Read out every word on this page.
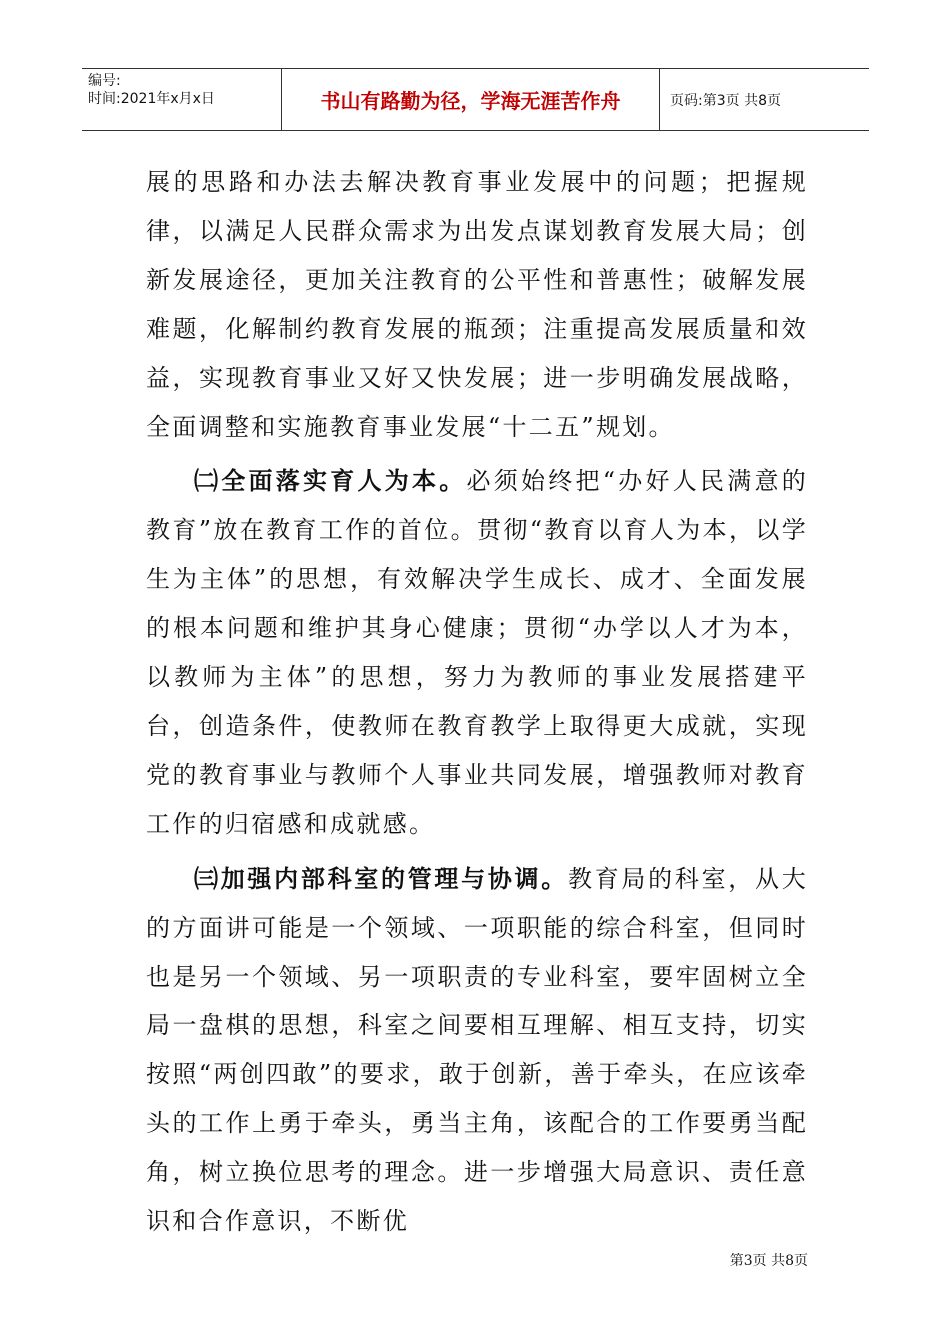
编号:
时间:2021年x月x日	书山有路勤为径，学海无涯苦作舟	页码:第3页 共8页

展的思路和办法去解决教育事业发展中的问题；把握规律，以满足人民群众需求为出发点谋划教育发展大局；创新发展途径，更加关注教育的公平性和普惠性；破解发展难题，化解制约教育发展的瓶颈；注重提高发展质量和效益，实现教育事业又好又快发展；进一步明确发展战略，全面调整和实施教育事业发展“十二五”规划。

㈡全面落实育人为本。必须始终把“办好人民满意的教育”放在教育工作的首位。贯彻“教育以育人为本，以学生为主体”的思想，有效解决学生成长、成才、全面发展的根本问题和维护其身心健康；贯彻“办学以人才为本，以教师为主体”的思想，努力为教师的事业发展搭建平台，创造条件，使教师在教育教学上取得更大成就，实现党的教育事业与教师个人事业共同发展，增强教师对教育工作的归宿感和成就感。

㈢加强内部科室的管理与协调。教育局的科室，从大的方面讲可能是一个领域、一项职能的综合科室，但同时也是另一个领域、另一项职责的专业科室，要牢固树立全局一盘棋的思想，科室之间要相互理解、相互支持，切实按照“两创四敢”的要求，敢于创新，善于牵头，在应该牵头的工作上勇于牵头，勇当主角，该配合的工作要勇当配角，树立换位思考的理念。进一步增强大局意识、责任意识和合作意识，不断优

第3页 共8页
